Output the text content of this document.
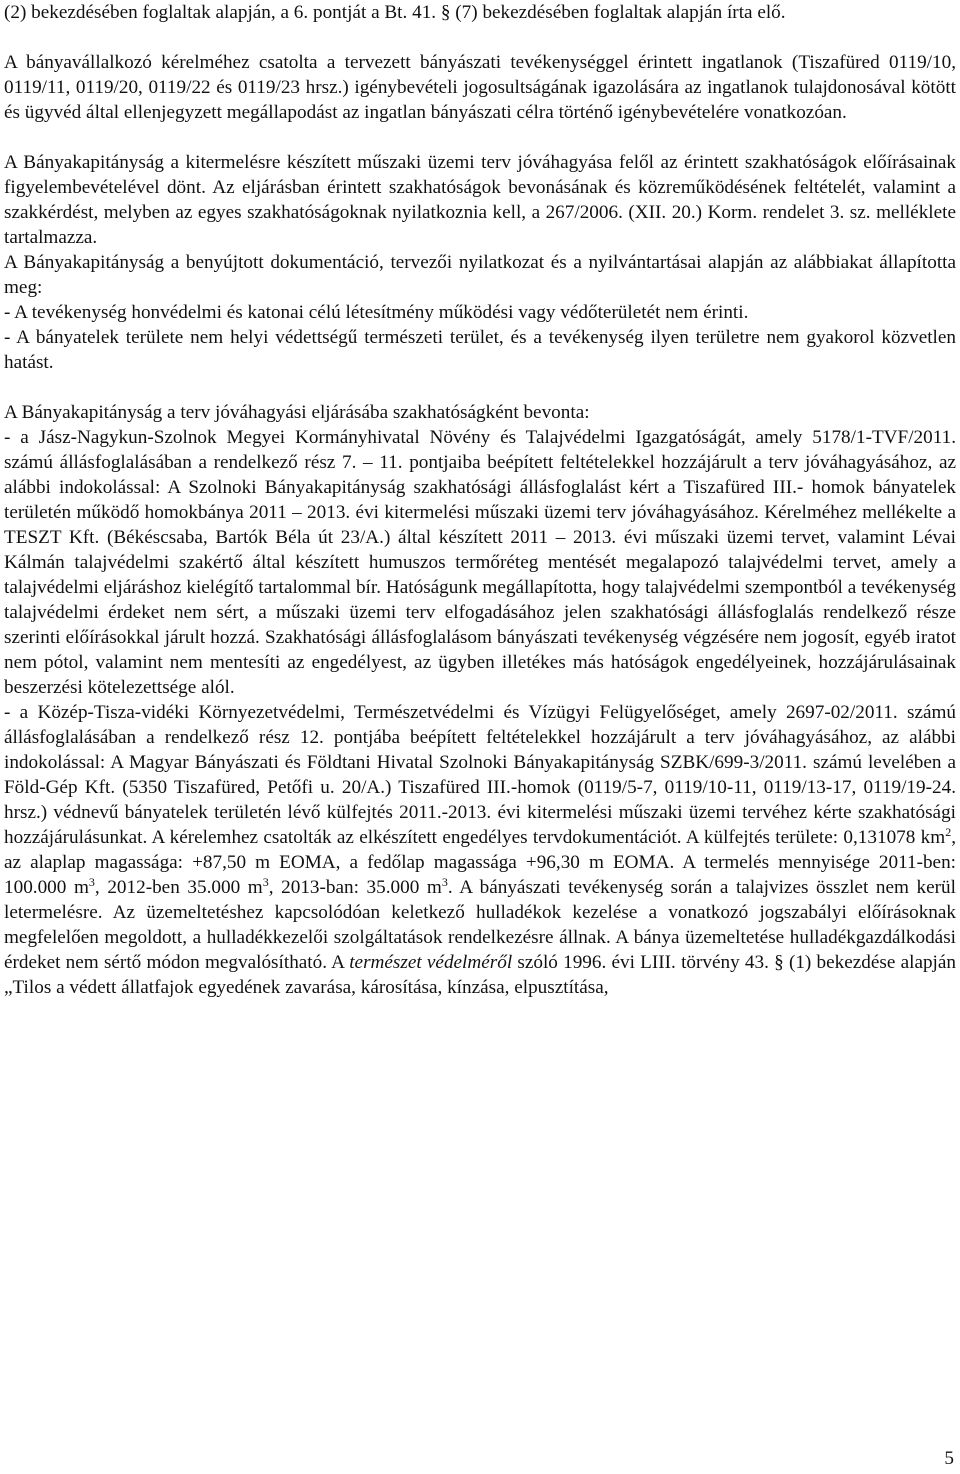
(2) bekezdésében foglaltak alapján, a 6. pontját a Bt. 41. § (7) bekezdésében foglaltak alapján írta elő.

A bányavállalkozó kérelméhez csatolta a tervezett bányászati tevékenységgel érintett ingatlanok (Tiszafüred 0119/10, 0119/11, 0119/20, 0119/22 és 0119/23 hrsz.) igénybevételi jogosultságának igazolására az ingatlanok tulajdonosával kötött és ügyvéd által ellenjegyzett megállapodást az ingatlan bányászati célra történő igénybevételére vonatkozóan.

A Bányakapitányság a kitermelésre készített műszaki üzemi terv jóváhagyása felől az érintett szakhatóságok előírásainak figyelembevételével dönt. Az eljárásban érintett szakhatóságok bevonásának és közreműködésének feltételét, valamint a szakkérdést, melyben az egyes szakhatóságoknak nyilatkoznia kell, a 267/2006. (XII. 20.) Korm. rendelet 3. sz. melléklete tartalmazza.

A Bányakapitányság a benyújtott dokumentáció, tervezői nyilatkozat és a nyilvántartásai alapján az alábbiakat állapította meg:

- A tevékenység honvédelmi és katonai célú létesítmény működési vagy védőterületét nem érinti.

- A bányatelek területe nem helyi védettségű természeti terület, és a tevékenység ilyen területre nem gyakorol közvetlen hatást.

A Bányakapitányság a terv jóváhagyási eljárásába szakhatóságként bevonta:

- a Jász-Nagykun-Szolnok Megyei Kormányhivatal Növény és Talajvédelmi Igazgatóságát, amely 5178/1-TVF/2011. számú állásfoglalásában a rendelkező rész 7. – 11. pontjaiba beépített feltételekkel hozzájárult a terv jóváhagyásához, az alábbi indokolással: A Szolnoki Bányakapitányság szakhatósági állásfoglalást kért a Tiszafüred III.- homok bányatelek területén működő homokbánya 2011 – 2013. évi kitermelési műszaki üzemi terv jóváhagyásához. Kérelméhez mellékelte a TESZT Kft. (Békéscsaba, Bartók Béla út 23/A.) által készített 2011 – 2013. évi műszaki üzemi tervet, valamint Lévai Kálmán talajvédelmi szakértő által készített humuszos termőréteg mentését megalapozó talajvédelmi tervet, amely a talajvédelmi eljáráshoz kielégítő tartalommal bír. Hatóságunk megállapította, hogy talajvédelmi szempontból a tevékenység talajvédelmi érdeket nem sért, a műszaki üzemi terv elfogadásához jelen szakhatósági állásfoglalás rendelkező része szerinti előírásokkal járult hozzá. Szakhatósági állásfoglalásom bányászati tevékenység végzésére nem jogosít, egyéb iratot nem pótol, valamint nem mentesíti az engedélyest, az ügyben illetékes más hatóságok engedélyeinek, hozzájárulásainak beszerzési kötelezettsége alól.

- a Közép-Tisza-vidéki Környezetvédelmi, Természetvédelmi és Vízügyi Felügyelőséget, amely 2697-02/2011. számú állásfoglalásában a rendelkező rész 12. pontjába beépített feltételekkel hozzájárult a terv jóváhagyásához, az alábbi indokolással: A Magyar Bányászati és Földtani Hivatal Szolnoki Bányakapitányság SZBK/699-3/2011. számú levelében a Föld-Gép Kft. (5350 Tiszafüred, Petőfi u. 20/A.) Tiszafüred III.-homok (0119/5-7, 0119/10-11, 0119/13-17, 0119/19-24. hrsz.) védnevű bányatelek területén lévő külfejtés 2011.-2013. évi kitermelési műszaki üzemi tervéhez kérte szakhatósági hozzájárulásunkat. A kérelemhez csatolták az elkészített engedélyes tervdokumentációt. A külfejtés területe: 0,131078 $km^2$, az alaplap magassága: +87,50 m EOMA, a fedőlap magassága +96,30 m EOMA. A termelés mennyisége 2011-ben: 100.000 $m^3$, 2012-ben 35.000 $m^3$, 2013-ban: 35.000 $m^3$. A bányászati tevékenység során a talajvizes összlet nem kerül letermelésre. Az üzemeltetéshez kapcsolódóan keletkező hulladékok kezelése a vonatkozó jogszabályi előírásoknak megfelelően megoldott, a hulladékkezelői szolgáltatások rendelkezésre állnak. A bánya üzemeltetése hulladékgazdálkodási érdeket nem sértő módon megvalósítható. A természet védelméről szóló 1996. évi LIII. törvény 43. § (1) bekezdése alapján „Tilos a védett állatfajok egyedének zavarása, károsítása, kínzása, elpusztítása,

5
